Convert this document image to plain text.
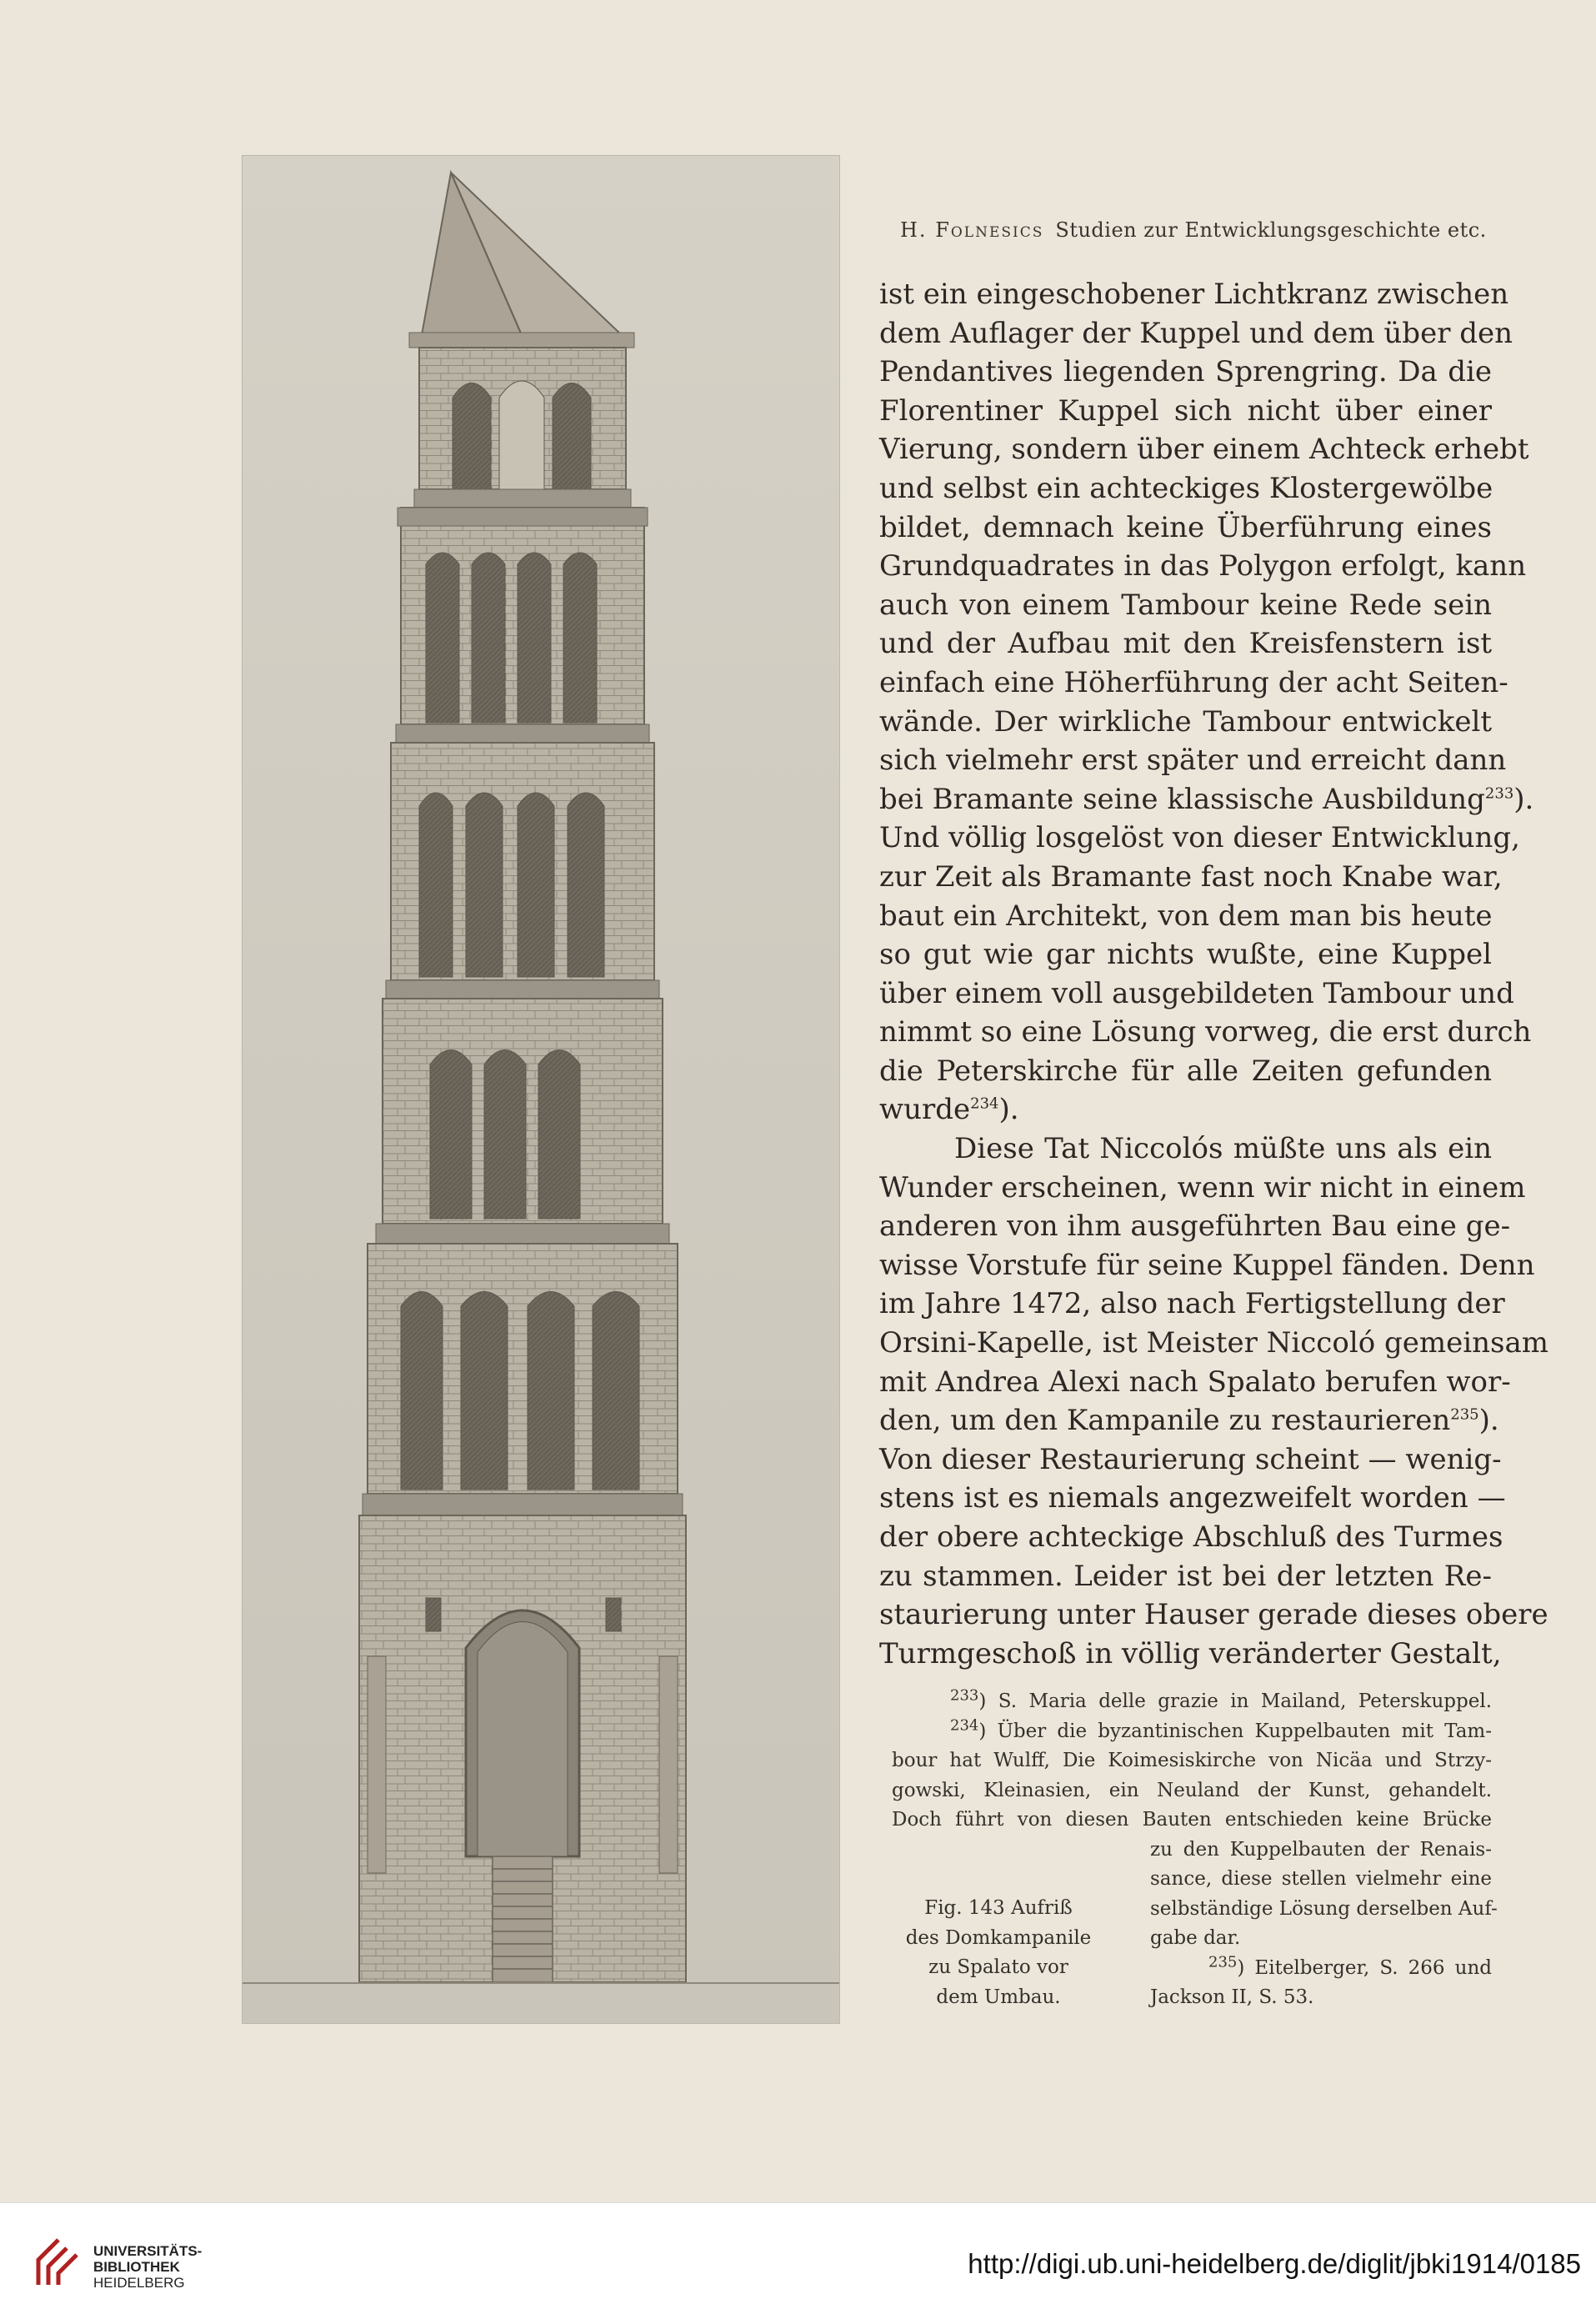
H. Folnesics Studien zur Entwicklungsgeschichte etc.

ist ein eingeschobener Lichtkranz zwischen
dem Auflager der Kuppel und dem über den
Pendantives liegenden Sprengring. Da die
Florentiner Kuppel sich nicht über einer
Vierung, sondern über einem Achteck erhebt
und selbst ein achteckiges Klostergewölbe
bildet, demnach keine Überführung eines
Grundquadrates in das Polygon erfolgt, kann
auch von einem Tambour keine Rede sein
und der Aufbau mit den Kreisfenstern ist
einfach eine Höherführung der acht Seiten-
wände. Der wirkliche Tambour entwickelt
sich vielmehr erst später und erreicht dann
bei Bramante seine klassische Ausbildung$^{233}$).
Und völlig losgelöst von dieser Entwicklung,
zur Zeit als Bramante fast noch Knabe war,
baut ein Architekt, von dem man bis heute
so gut wie gar nichts wußte, eine Kuppel
über einem voll ausgebildeten Tambour und
nimmt so eine Lösung vorweg, die erst durch
die Peterskirche für alle Zeiten gefunden
wurde$^{234}$).

Diese Tat Niccolós müßte uns als ein
Wunder erscheinen, wenn wir nicht in einem
anderen von ihm ausgeführten Bau eine ge-
wisse Vorstufe für seine Kuppel fänden. Denn
im Jahre 1472, also nach Fertigstellung der
Orsini-Kapelle, ist Meister Niccoló gemeinsam
mit Andrea Alexi nach Spalato berufen wor-
den, um den Kampanile zu restaurieren$^{235}$).
Von dieser Restaurierung scheint — wenig-
stens ist es niemals angezweifelt worden —
der obere achteckige Abschluß des Turmes
zu stammen. Leider ist bei der letzten Re-
staurierung unter Hauser gerade dieses obere
Turmgeschoß in völlig veränderter Gestalt,

$^{233}$) S. Maria delle grazie in Mailand, Peterskuppel.
$^{234}$) Über die byzantinischen Kuppelbauten mit Tam-
bour hat Wulff, Die Koimesiskirche von Nicäa und Strzy-
gowski, Kleinasien, ein Neuland der Kunst, gehandelt.
Doch führt von diesen Bauten entschieden keine Brücke
zu den Kuppelbauten der Renais-
sance, diese stellen vielmehr eine
selbständige Lösung derselben Auf-
gabe dar.
$^{235}$) Eitelberger, S. 266 und
Jackson II, S. 53.
Fig. 143 Aufriß
des Domkampanile
zu Spalato vor
dem Umbau.
UNIVERSITÄTS-
BIBLIOTHEK
HEIDELBERG
http://digi.ub.uni-heidelberg.de/diglit/jbki1914/0185
